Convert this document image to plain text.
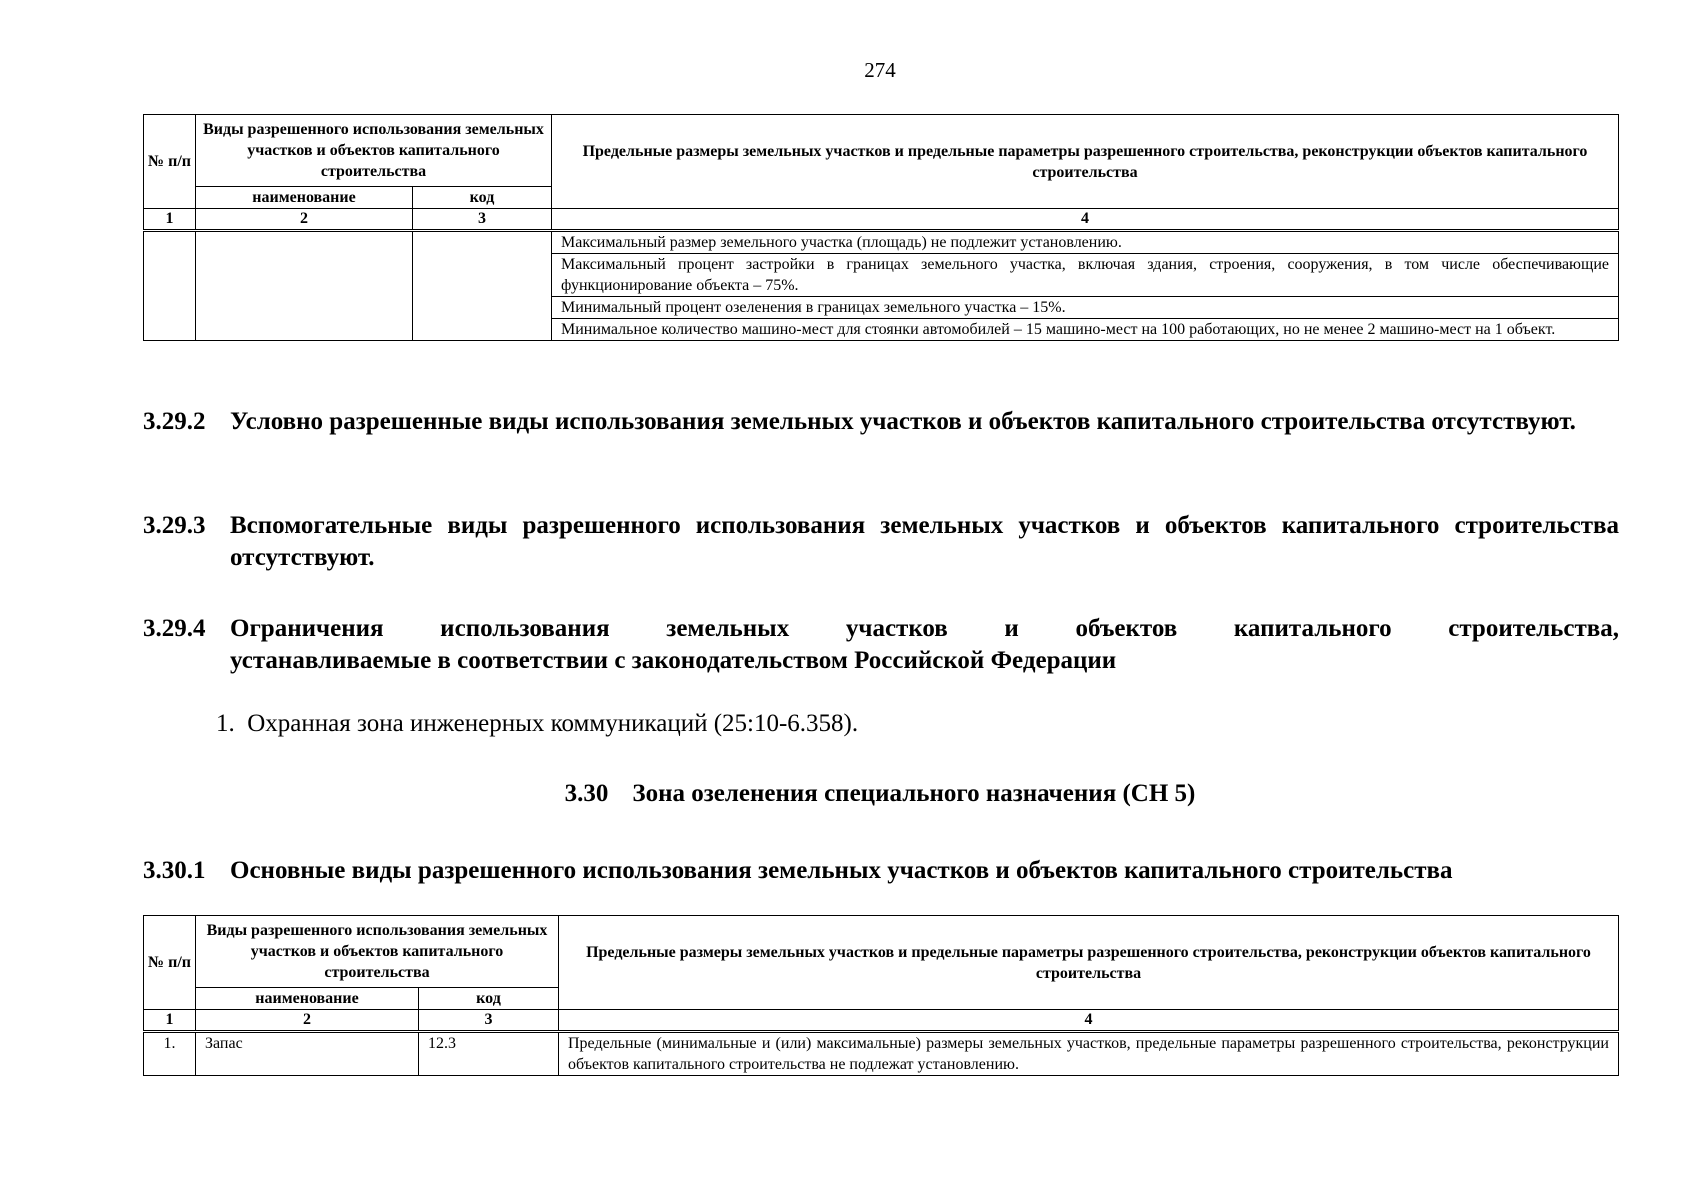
274
№ п/п	Виды разрешенного использования земельных участков и объектов капитального строительства		Предельные размеры земельных участков и предельные параметры разрешенного строительства, реконструкции объектов капитального строительства
	наименование	код	
1	2	3	4
			Максимальный размер земельного участка (площадь) не подлежит установлению.
			Максимальный процент застройки в границах земельного участка, включая здания, строения, сооружения, в том числе обеспечивающие функционирование объекта – 75%.
			Минимальный процент озеленения в границах земельного участка – 15%.
			Минимальное количество машино-мест для стоянки автомобилей – 15 машино-мест на 100 работающих, но не менее 2 машино-мест на 1 объект.
3.29.2 Условно разрешенные виды использования земельных участков и объектов капитального строительства отсутствуют.
3.29.3 Вспомогательные виды разрешенного использования земельных участков и объектов капитального строительства отсутствуют.
3.29.4 Ограничения использования земельных участков и объектов капитального строительства,
устанавливаемые в соответствии с законодательством Российской Федерации
1. Охранная зона инженерных коммуникаций (25:10-6.358).
3.30 Зона озеленения специального назначения (СН 5)
3.30.1 Основные виды разрешенного использования земельных участков и объектов капитального строительства
№ п/п	Виды разрешенного использования земельных участков и объектов капитального строительства		Предельные размеры земельных участков и предельные параметры разрешенного строительства, реконструкции объектов капитального строительства
	наименование	код	
1	2	3	4
1.	Запас	12.3	Предельные (минимальные и (или) максимальные) размеры земельных участков, предельные параметры разрешенного строительства, реконструкции объектов капитального строительства не подлежат установлению.
